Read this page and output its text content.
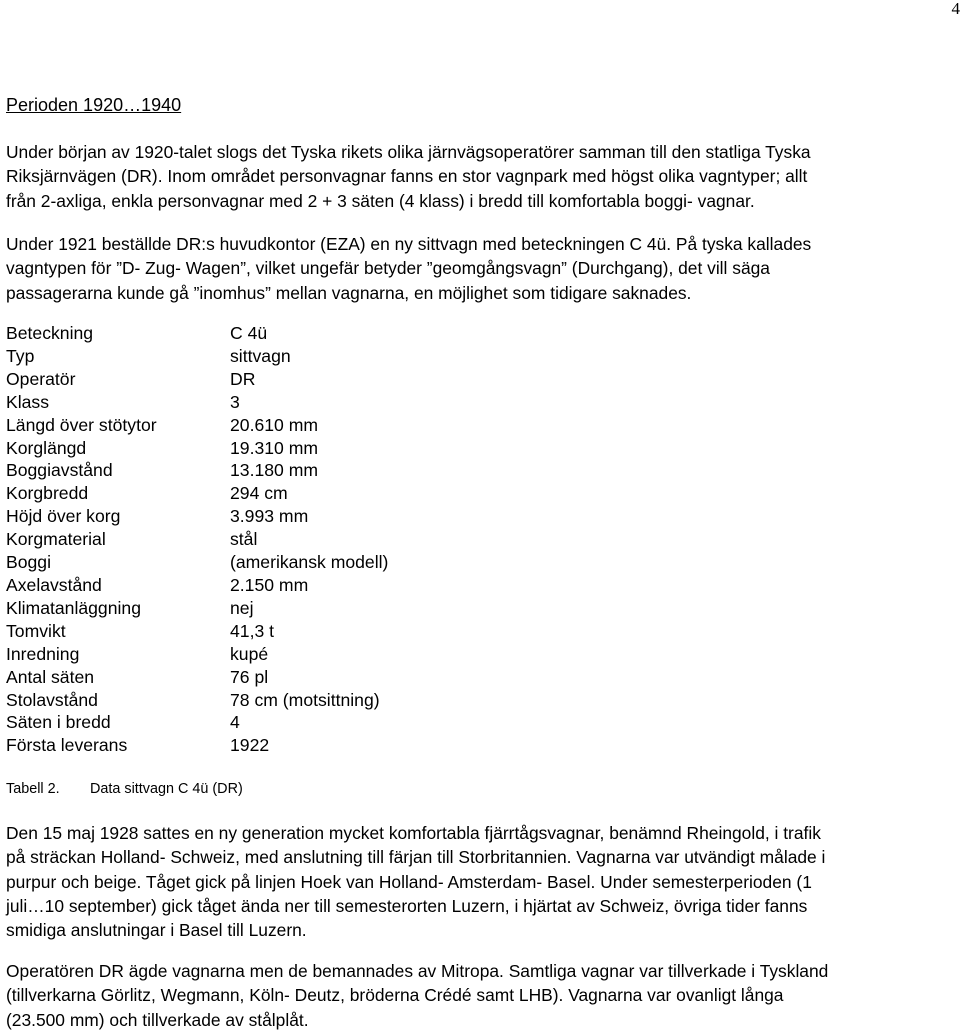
4
Perioden 1920…1940
Under början av 1920-talet slogs det Tyska rikets olika järnvägsoperatörer samman till den statliga Tyska
Riksjärnvägen (DR). Inom området personvagnar fanns en stor vagnpark med högst olika vagntyper; allt
från 2-axliga, enkla personvagnar med 2 + 3 säten (4 klass) i bredd till komfortabla boggi- vagnar.
Under 1921 beställde DR:s huvudkontor (EZA) en ny sittvagn med beteckningen C 4ü. På tyska kallades
vagntypen för ”D- Zug- Wagen”, vilket ungefär betyder ”geomgångsvagn” (Durchgang), det vill säga
passagerarna kunde gå ”inomhus” mellan vagnarna, en möjlighet som tidigare saknades.
Beteckning	C 4ü
Typ	sittvagn
Operatör	DR
Klass	3
Längd över stötytor	20.610 mm
Korglängd	19.310 mm
Boggiavstånd	13.180 mm
Korgbredd	294 cm
Höjd över korg	3.993 mm
Korgmaterial	stål
Boggi	(amerikansk modell)
Axelavstånd	2.150 mm
Klimatanläggning	nej
Tomvikt	41,3 t
Inredning	kupé
Antal säten	76 pl
Stolavstånd	78 cm (motsittning)
Säten i bredd	4
Första leverans	1922
Tabell 2. Data sittvagn C 4ü (DR)
Den 15 maj 1928 sattes en ny generation mycket komfortabla fjärrtågsvagnar, benämnd Rheingold, i trafik
på sträckan Holland- Schweiz, med anslutning till färjan till Storbritannien. Vagnarna var utvändigt målade i
purpur och beige. Tåget gick på linjen Hoek van Holland- Amsterdam- Basel. Under semesterperioden (1
juli…10 september) gick tåget ända ner till semesterorten Luzern, i hjärtat av Schweiz, övriga tider fanns
smidiga anslutningar i Basel till Luzern.
Operatören DR ägde vagnarna men de bemannades av Mitropa. Samtliga vagnar var tillverkade i Tyskland
(tillverkarna Görlitz, Wegmann, Köln- Deutz, bröderna Crédé samt LHB). Vagnarna var ovanligt långa
(23.500 mm) och tillverkade av stålplåt.
